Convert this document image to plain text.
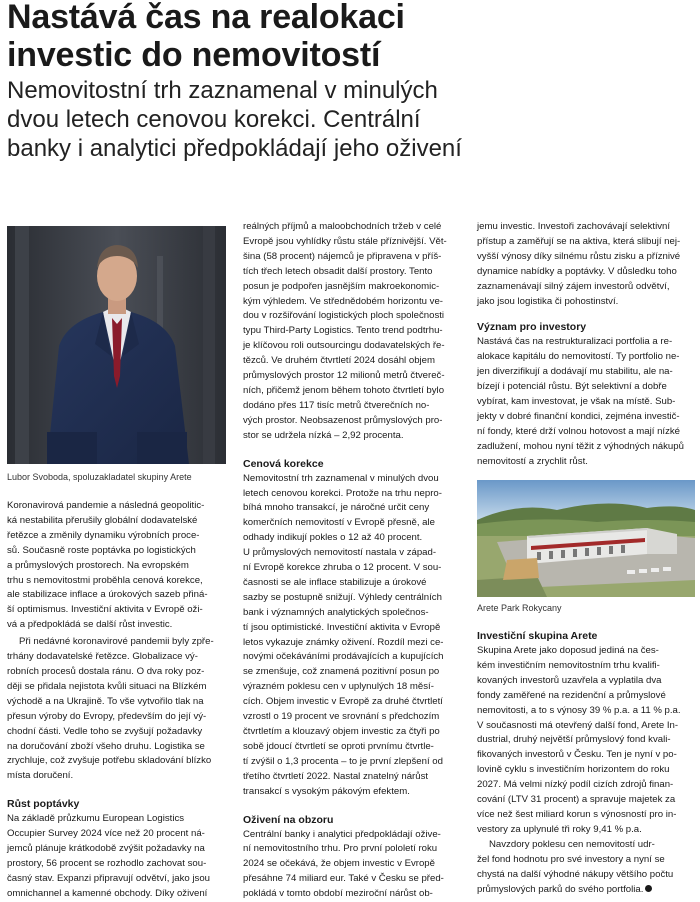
Nastává čas na realokaci
investic do nemovitostí

Nemovitostní trh zaznamenal v minulých
dvou letech cenovou korekci. Centrální
banky i analytici předpokládají jeho oživení

Lubor Svoboda, spoluzakladatel skupiny Arete

Koronavirová pandemie a následná geopolitic-
ká nestabilita přerušily globální dodavatelské
řetězce a změnily dynamiku výrobních proce-
sů. Současně roste poptávka po logistických
a průmyslových prostorech. Na evropském
trhu s nemovitostmi proběhla cenová korekce,
ale stabilizace inflace a úrokových sazeb přiná-
ší optimismus. Investiční aktivita v Evropě oži-
vá a předpokládá se další růst investic.

Při nedávné koronavirové pandemii byly zpře-
trhány dodavatelské řetězce. Globalizace vý-
robních procesů dostala ránu. O dva roky poz-
ději se přidala nejistota kvůli situaci na Blízkém
východě a na Ukrajině. To vše vytvořilo tlak na
přesun výroby do Evropy, především do její vý-
chodní části. Vedle toho se zvyšují požadavky
na doručování zboží všeho druhu. Logistika se
zrychluje, což zvyšuje potřebu skladování blízko
místa doručení.

Růst poptávky

Na základě průzkumu European Logistics
Occupier Survey 2024 více než 20 procent ná-
jemců plánuje krátkodobě zvýšit požadavky na
prostory, 56 procent se rozhodlo zachovat sou-
časný stav. Expanzi připravují odvětví, jako jsou
omnichannel a kamenné obchody. Díky oživení

reálných příjmů a maloobchodních tržeb v celé
Evropě jsou vyhlídky růstu stále příznivější. Vět-
šina (58 procent) nájemců je připravena v příš-
tích třech letech obsadit další prostory. Tento
posun je podpořen jasnějším makroekonomic-
kým výhledem. Ve střednědobém horizontu ve-
dou v rozšiřování logistických ploch společnosti
typu Third-Party Logistics. Tento trend podtrhu-
je klíčovou roli outsourcingu dodavatelských ře-
tězců. Ve druhém čtvrtletí 2024 dosáhl objem
průmyslových prostor 12 milionů metrů čtvereč-
ních, přičemž jenom během tohoto čtvrtletí bylo
dodáno přes 117 tisíc metrů čtverečních no-
vých prostor. Neobsazenost průmyslových pro-
stor se udržela nízká – 2,92 procenta.

Cenová korekce

Nemovitostní trh zaznamenal v minulých dvou
letech cenovou korekci. Protože na trhu nepro-
bíhá mnoho transakcí, je náročné určit ceny
komerčních nemovitostí v Evropě přesně, ale
odhady indikují pokles o 12 až 40 procent.
U průmyslových nemovitostí nastala v západ-
ní Evropě korekce zhruba o 12 procent. V sou-
časnosti se ale inflace stabilizuje a úrokové
sazby se postupně snižují. Výhledy centrálních
bank i významných analytických společnos-
tí jsou optimistické. Investiční aktivita v Evropě
letos vykazuje známky oživení. Rozdíl mezi ce-
novými očekáváními prodávajících a kupujících
se zmenšuje, což znamená pozitivní posun po
výrazném poklesu cen v uplynulých 18 měsí-
cích. Objem investic v Evropě za druhé čtvrtletí
vzrostl o 19 procent ve srovnání s předchozím
čtvrtletím a klouzavý objem investic za čtyři po
sobě jdoucí čtvrtletí se oproti prvnímu čtvrtle-
tí zvýšil o 1,3 procenta – to je první zlepšení od
třetího čtvrtletí 2022. Nastal znatelný nárůst
transakcí s vysokým pákovým efektem.

Oživení na obzoru

Centrální banky i analytici předpokládají ožive-
ní nemovitostního trhu. Pro první pololetí roku
2024 se očekává, že objem investic v Evropě
přesáhne 74 miliard eur. Také v Česku se před-
pokládá v tomto období meziroční nárůst ob-

jemu investic. Investoři zachovávají selektivní
přístup a zaměřují se na aktiva, která slibují nej-
vyšší výnosy díky silnému růstu zisku a příznivé
dynamice nabídky a poptávky. V důsledku toho
zaznamenávají silný zájem investorů odvětví,
jako jsou logistika či pohostinství.

Význam pro investory

Nastává čas na restrukturalizaci portfolia a re-
alokace kapitálu do nemovitostí. Ty portfolio ne-
jen diverzifikují a dodávají mu stabilitu, ale na-
bízejí i potenciál růstu. Být selektivní a dobře
vybírat, kam investovat, je však na místě. Sub-
jekty v dobré finanční kondici, zejména investič-
ní fondy, které drží volnou hotovost a mají nízké
zadlužení, mohou nyní těžit z výhodných nákupů
nemovitostí a zrychlit růst.

Arete Park Rokycany

Investiční skupina Arete

Skupina Arete jako doposud jediná na čes-
kém investičním nemovitostním trhu kvalifi-
kovaných investorů uzavřela a vyplatila dva
fondy zaměřené na rezidenční a průmyslové
nemovitosti, a to s výnosy 39 % p.a. a 11 % p.a.
V současnosti má otevřený další fond, Arete In-
dustrial, druhý největší průmyslový fond kvali-
fikovaných investorů v Česku. Ten je nyní v po-
lovině cyklu s investičním horizontem do roku
2027. Má velmi nízký podíl cizích zdrojů finan-
cování (LTV 31 procent) a spravuje majetek za
více než šest miliard korun s výnosností pro in-
vestory za uplynulé tři roky 9,41 % p.a.

Navzdory poklesu cen nemovitostí udr-
žel fond hodnotu pro své investory a nyní se
chystá na další výhodné nákupy většího počtu
průmyslových parků do svého portfolia.
